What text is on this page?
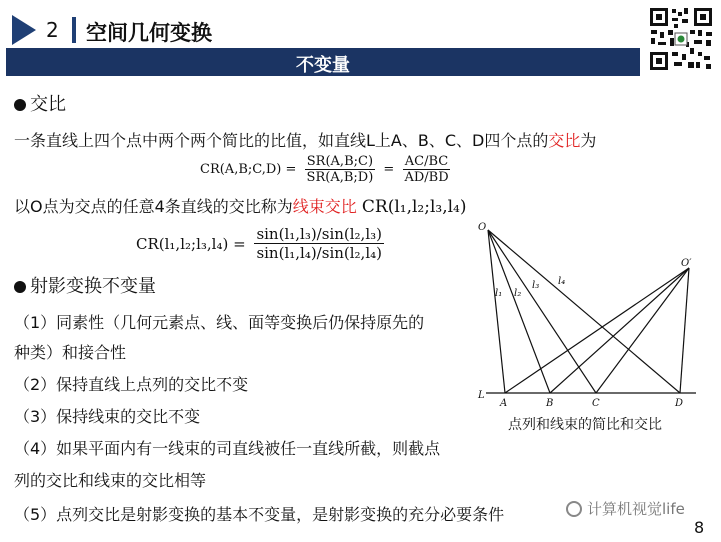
2 空间几何变换
不变量
交比
一条直线上四个点中两个两个简比的比值，如直线L上A、B、C、D四个点的交比为
CR(A,B;C,D) = $\frac{SR(A,B;C)}{SR(A,B;D)} = \frac{AC/BC}{AD/BD}$
以O点为交点的任意4条直线的交比称为线束交比 CR(l₁,l₂;l₃,l₄)
CR(l₁,l₂;l₃,l₄) = $\frac{\text{sin(l₁,l₃)/sin(l₂,l₃)}}{\text{sin(l₁,l₄)/sin(l₂,l₄)}}$
射影变换不变量
（1）同素性（几何元素点、线、面等变换后仍保持原先的
种类）和接合性
（2）保持直线上点列的交比不变
（3）保持线束的交比不变
（4）如果平面内有一线束的司直线被任一直线所截，则截点
列的交比和线束的交比相等
（5）点列交比是射影变换的基本不变量，是射影变换的充分必要条件
O
O′
L
A	B	C	D
l₁ l₂
l₃ l₄
点列和线束的简比和交比
计算机视觉life
8
